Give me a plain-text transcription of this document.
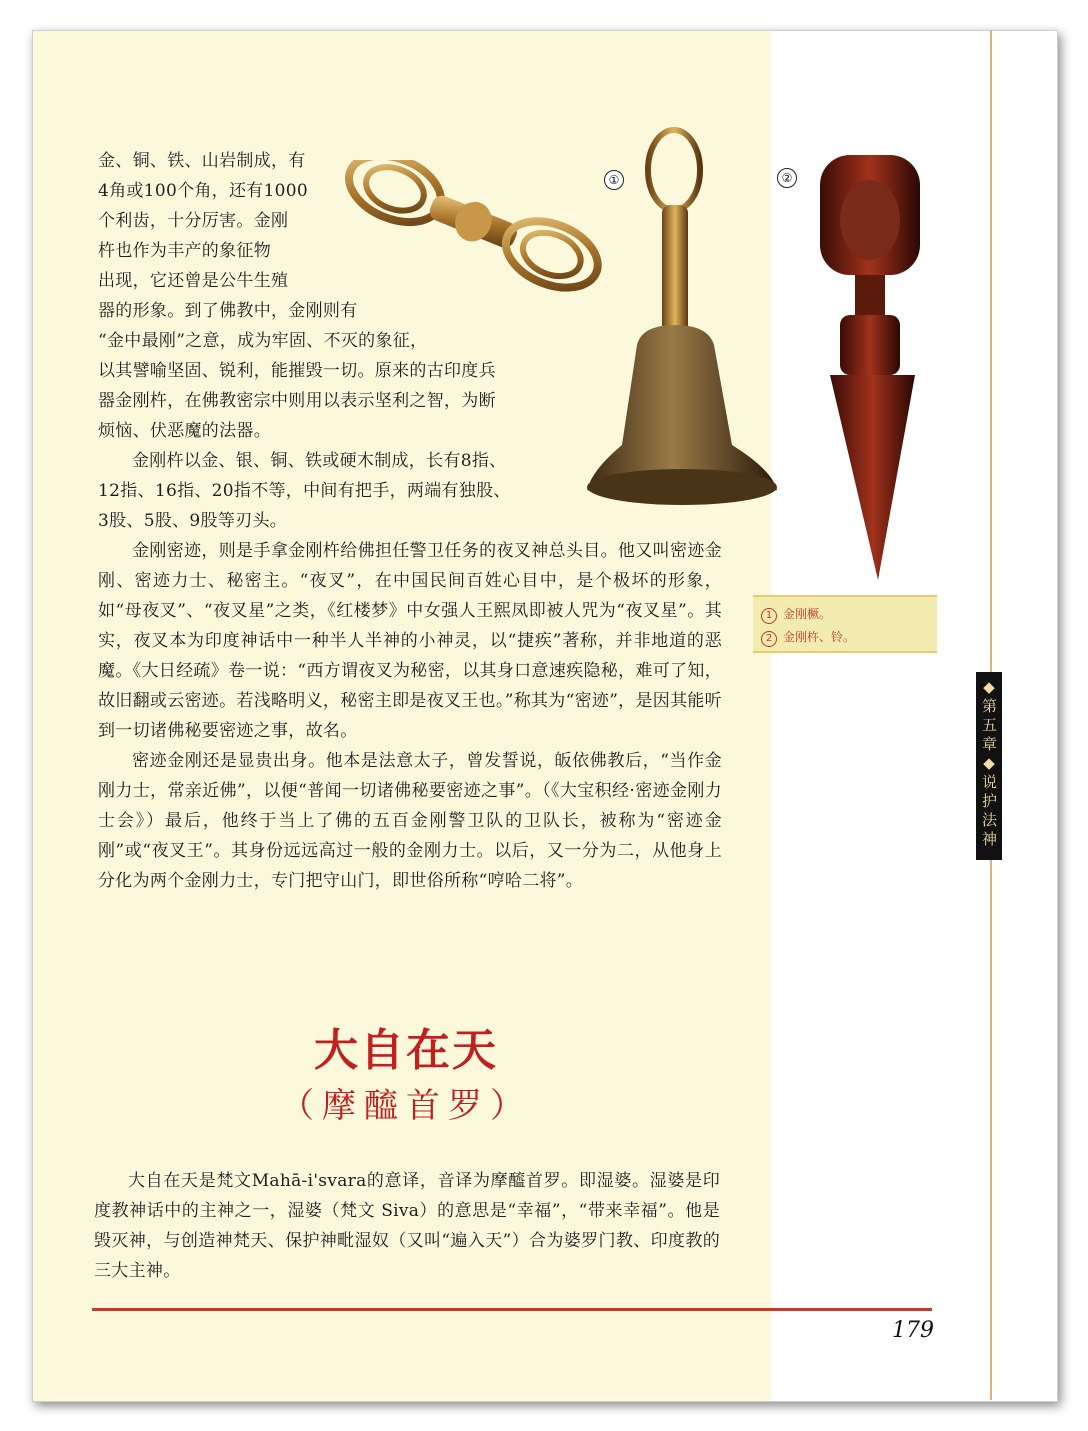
①	②

金、铜、铁、山岩制成，有

4角或100个角，还有1000

个利齿，十分厉害。金刚

杵也作为丰产的象征物

出现，它还曾是公牛生殖

器的形象。到了佛教中，金刚则有

“金中最刚”之意，成为牢固、不灭的象征，

以其譬喻坚固、锐利，能摧毁一切。原来的古印度兵

器金刚杵，在佛教密宗中则用以表示坚利之智，为断

烦恼、伏恶魔的法器。

金刚杵以金、银、铜、铁或硬木制成，长有8指、

12指、16指、20指不等，中间有把手，两端有独股、

3股、5股、9股等刃头。

金刚密迹，则是手拿金刚杵给佛担任警卫任务的夜叉神总头目。他又叫密迹金刚、密迹力士、秘密主。“夜叉”，在中国民间百姓心目中，是个极坏的形象，如“母夜叉”、“夜叉星”之类，《红楼梦》中女强人王熙凤即被人咒为“夜叉星”。其实，夜叉本为印度神话中一种半人半神的小神灵，以“捷疾”著称，并非地道的恶魔。《大日经疏》卷一说：“西方谓夜叉为秘密，以其身口意速疾隐秘，难可了知，故旧翻或云密迹。若浅略明义，秘密主即是夜叉王也。”称其为“密迹”，是因其能听到一切诸佛秘要密迹之事，故名。

密迹金刚还是显贵出身。他本是法意太子，曾发誓说，皈依佛教后，“当作金刚力士，常亲近佛”，以便“普闻一切诸佛秘要密迹之事”。（《大宝积经·密迹金刚力士会》）最后，他终于当上了佛的五百金刚警卫队的卫队长，被称为“密迹金刚”或“夜叉王”。其身份远远高过一般的金刚力士。以后，又一分为二，从他身上分化为两个金刚力士，专门把守山门，即世俗所称“哼哈二将”。

1 金刚橛。
2 金刚杵、铃。
◆
第五章
◆
说护法神
大自在天
（摩醯首罗）

大自在天是梵文Mahā-i'svara的意译，音译为摩醯首罗。即湿婆。湿婆是印度教神话中的主神之一，湿婆（梵文 Siva）的意思是“幸福”，“带来幸福”。他是毁灭神，与创造神梵天、保护神毗湿奴（又叫“遍入天”）合为婆罗门教、印度教的三大主神。

179
